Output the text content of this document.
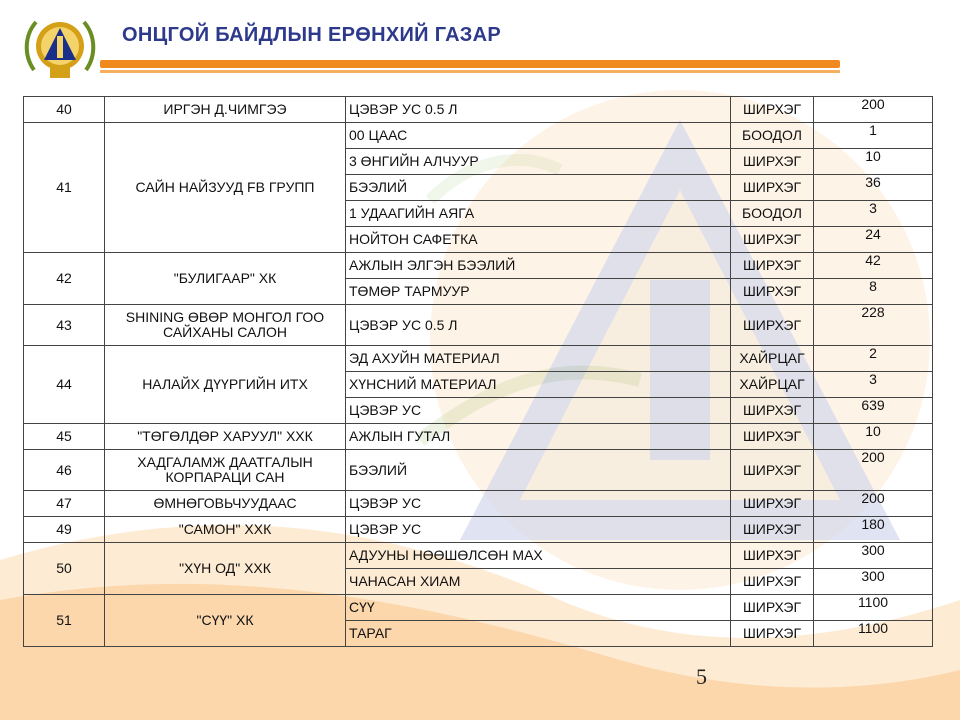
ОНЦГОЙ БАЙДЛЫН ЕРӨНХИЙ ГАЗАР
40	ИРГЭН Д.ЧИМГЭЭ	ЦЭВЭР УС 0.5 Л	ШИРХЭГ	200
41	САЙН НАЙЗУУД FB ГРУПП	00 ЦААС	БООДОЛ	1
		3 ӨНГИЙН АЛЧУУР	ШИРХЭГ	10
		БЭЭЛИЙ	ШИРХЭГ	36
		1 УДААГИЙН АЯГА	БООДОЛ	3
		НОЙТОН САФЕТКА	ШИРХЭГ	24
42	"БУЛИГААР" ХК	АЖЛЫН ЭЛГЭН БЭЭЛИЙ	ШИРХЭГ	42
		ТӨМӨР ТАРМУУР	ШИРХЭГ	8
43	SHINING ӨВӨР МОНГОЛ ГОО САЙХАНЫ САЛОН	ЦЭВЭР УС 0.5 Л	ШИРХЭГ	228
44	НАЛАЙХ ДҮҮРГИЙН ИТХ	ЭД АХУЙН МАТЕРИАЛ	ХАЙРЦАГ	2
		ХҮНСНИЙ МАТЕРИАЛ	ХАЙРЦАГ	3
		ЦЭВЭР УС	ШИРХЭГ	639
45	"ТӨГӨЛДӨР ХАРУУЛ" ХХК	АЖЛЫН ГУТАЛ	ШИРХЭГ	10
46	ХАДГАЛАМЖ ДААТГАЛЫН КОРПАРАЦИ САН	БЭЭЛИЙ	ШИРХЭГ	200
47	ӨМНӨГОВЬЧУУДААС	ЦЭВЭР УС	ШИРХЭГ	200
49	"САМОН" ХХК	ЦЭВЭР УС	ШИРХЭГ	180
50	"ХҮН ОД" ХХК	АДУУНЫ НӨӨШӨЛСӨН МАХ	ШИРХЭГ	300
		ЧАНАСАН ХИАМ	ШИРХЭГ	300
51	"СҮҮ" ХК	СҮҮ	ШИРХЭГ	1100
		ТАРАГ	ШИРХЭГ	1100
5
